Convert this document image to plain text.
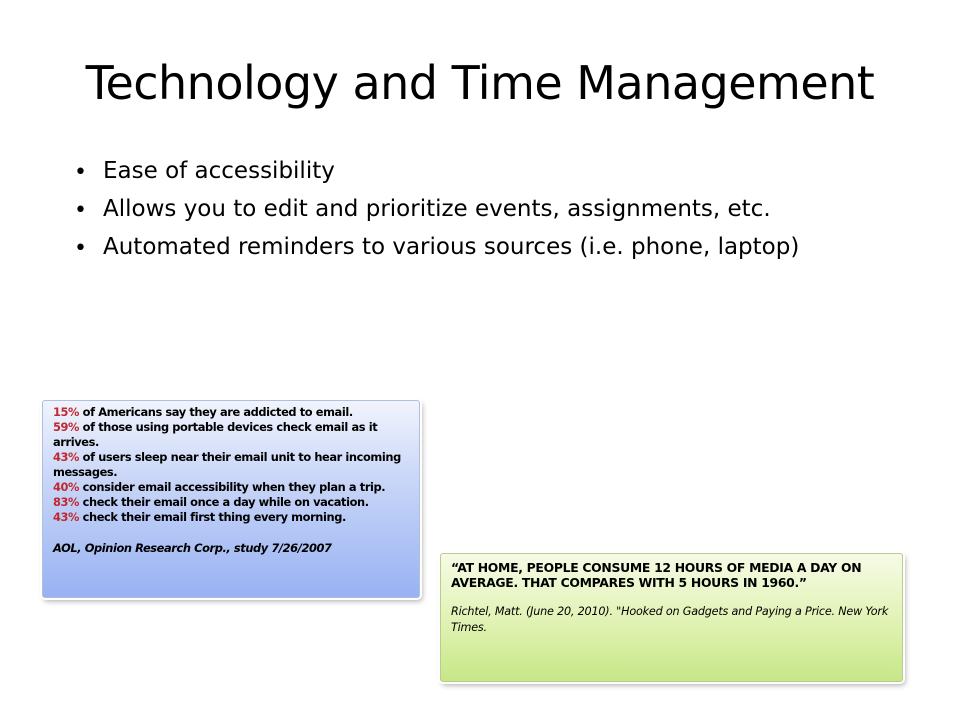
Technology and Time Management
• Ease of accessibility
• Allows you to edit and prioritize events, assignments, etc.
• Automated reminders to various sources (i.e. phone, laptop)
15% of Americans say they are addicted to email.
59% of those using portable devices check email as it arrives.
43% of users sleep near their email unit to hear incoming messages.
40% consider email accessibility when they plan a trip.
83% check their email once a day while on vacation.
43% check their email first thing every morning.
AOL, Opinion Research Corp., study 7/26/2007
“AT HOME, PEOPLE CONSUME 12 HOURS OF MEDIA A DAY ON AVERAGE. THAT COMPARES WITH 5 HOURS IN 1960.”
Richtel, Matt. (June 20, 2010). "Hooked on Gadgets and Paying a Price. New York Times.
